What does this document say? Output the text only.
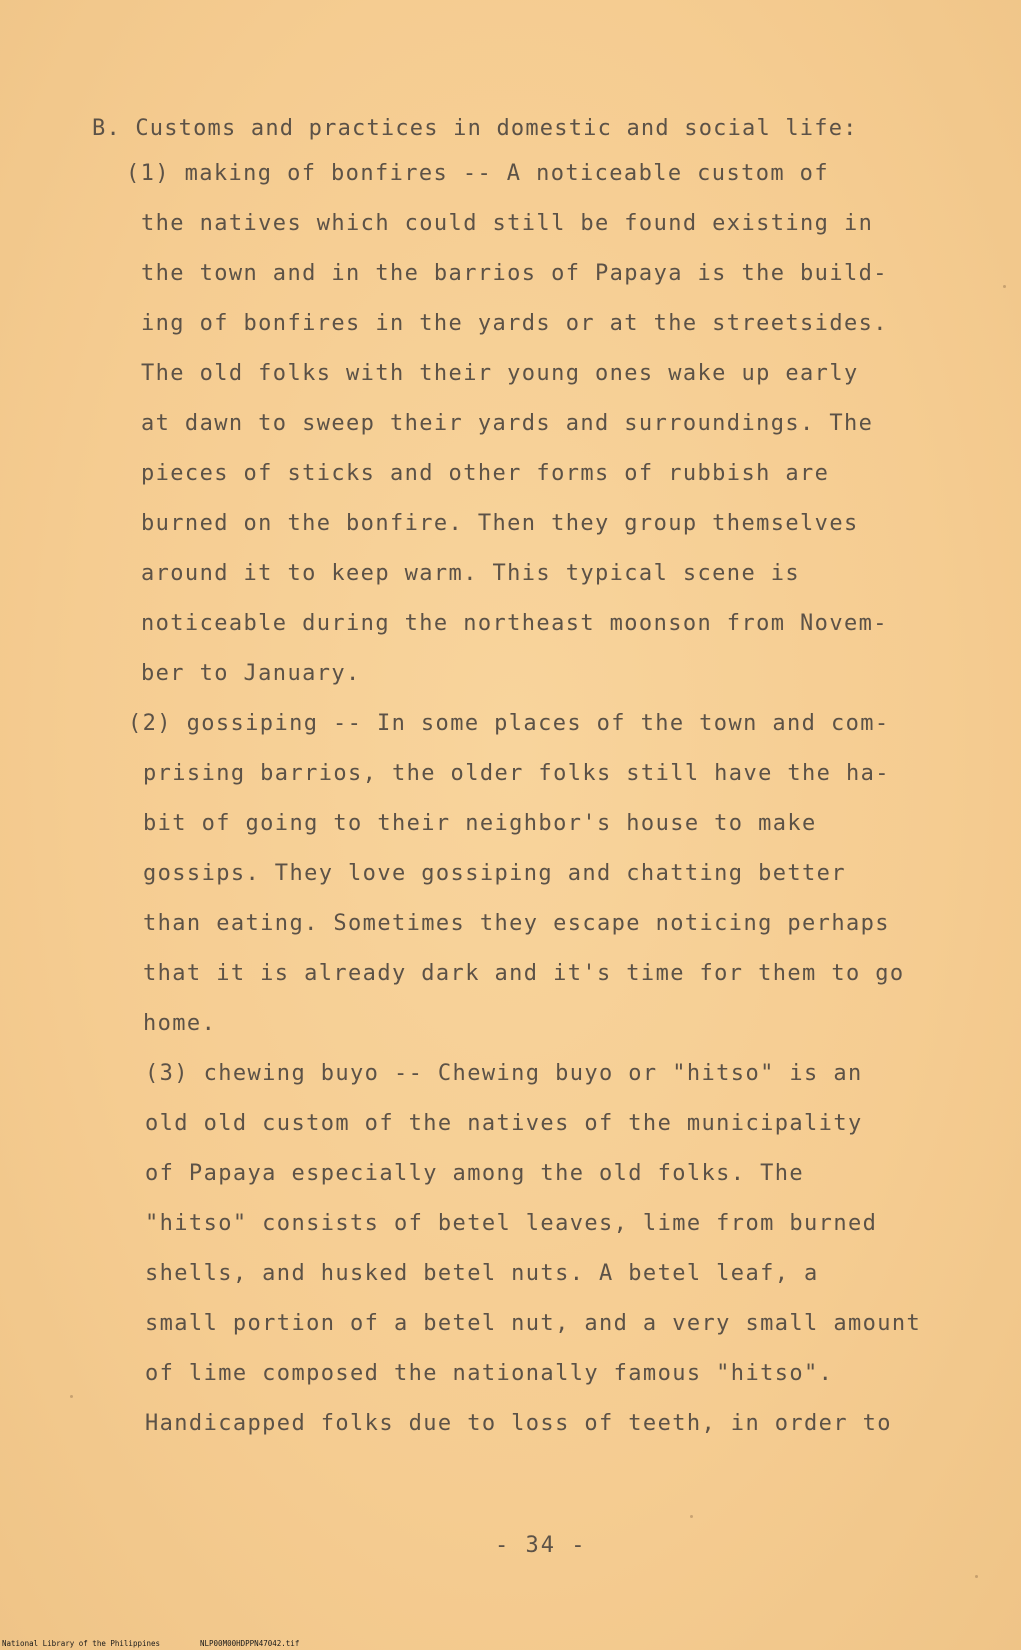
B. Customs and practices in domestic and social life:
(1) making of bonfires -- A noticeable custom of
the natives which could still be found existing in
the town and in the barrios of Papaya is the build-
ing of bonfires in the yards or at the streetsides.
The old folks with their young ones wake up early
at dawn to sweep their yards and surroundings. The
pieces of sticks and other forms of rubbish are
burned on the bonfire. Then they group themselves
around it to keep warm. This typical scene is
noticeable during the northeast moonson from Novem-
ber to January.
(2) gossiping -- In some places of the town and com-
prising barrios, the older folks still have the ha-
bit of going to their neighbor's house to make
gossips. They love gossiping and chatting better
than eating. Sometimes they escape noticing perhaps
that it is already dark and it's time for them to go
home.
(3) chewing buyo -- Chewing buyo or "hitso" is an
old old custom of the natives of the municipality
of Papaya especially among the old folks. The
"hitso" consists of betel leaves, lime from burned
shells, and husked betel nuts. A betel leaf, a
small portion of a betel nut, and a very small amount
of lime composed the nationally famous "hitso".
Handicapped folks due to loss of teeth, in order to
- 34 -
National Library of the Philippines	NLP00M00HDPPN47042.tif
